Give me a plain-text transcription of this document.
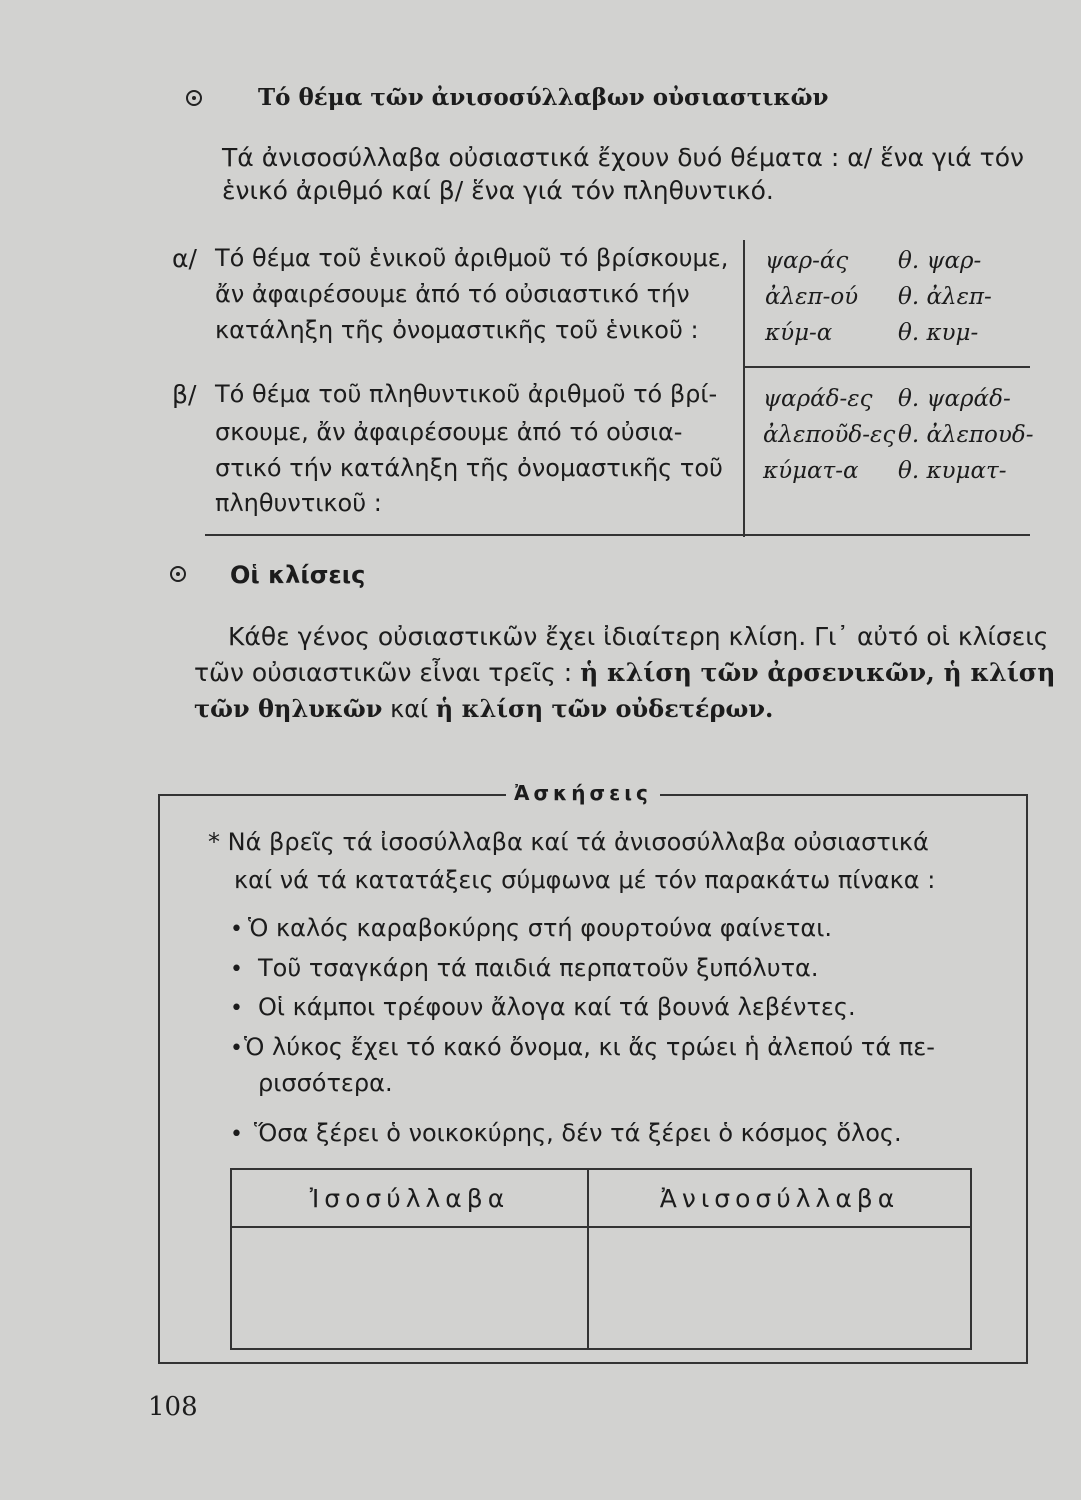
Τό θέμα τῶν ἀνισοσύλλαβων οὐσιαστικῶν
Τά ἀνισοσύλλαβα οὐσιαστικά ἔχουν δυό θέματα : α/ ἕνα γιά τόν
ἑνικό ἀριθμό καί β/ ἕνα γιά τόν πληθυντικό.
α/ Τό θέμα τοῦ ἑνικοῦ ἀριθμοῦ τό βρίσκουμε,
ἄν ἀφαιρέσουμε ἀπό τό οὐσιαστικό τήν
κατάληξη τῆς ὀνομαστικῆς τοῦ ἑνικοῦ :
β/ Τό θέμα τοῦ πληθυντικοῦ ἀριθμοῦ τό βρί-
σκουμε, ἄν ἀφαιρέσουμε ἀπό τό οὐσια-
στικό τήν κατάληξη τῆς ὀνομαστικῆς τοῦ
πληθυντικοῦ :
ψαρ-άς θ. ψαρ-
ἀλεπ-ού θ. ἀλεπ-
κύμ-α	θ. κυμ-
ψαράδ-ες θ. ψαράδ-
ἀλεποῦδ-ες θ. ἀλεπουδ-
κύματ-α θ. κυματ-
Οἱ κλίσεις
Κάθε γένος οὐσιαστικῶν ἔχει ἰδιαίτερη κλίση. Γι᾿ αὐτό οἱ κλίσεις
τῶν οὐσιαστικῶν εἶναι τρεῖς : ἡ κλίση τῶν ἀρσενικῶν, ἡ κλίση
τῶν θηλυκῶν καί ἡ κλίση τῶν οὐδετέρων.
Ἀσκήσεις
* Νά βρεῖς τά ἰσοσύλλαβα καί τά ἀνισοσύλλαβα οὐσιαστικά
καί νά τά κατατάξεις σύμφωνα μέ τόν παρακάτω πίνακα :
• Ὁ καλός καραβοκύρης στή φουρτούνα φαίνεται.
• Τοῦ τσαγκάρη τά παιδιά περπατοῦν ξυπόλυτα.
• Οἱ κάμποι τρέφουν ἄλογα καί τά βουνά λεβέντες.
• Ὁ λύκος ἔχει τό κακό ὄνομα, κι ἄς τρώει ἡ ἀλεπού τά πε-
ρισσότερα.
• Ὅσα ξέρει ὁ νοικοκύρης, δέν τά ξέρει ὁ κόσμος ὅλος.
Ἰσοσύλλαβα	Ἀνισοσύλλαβα

108
